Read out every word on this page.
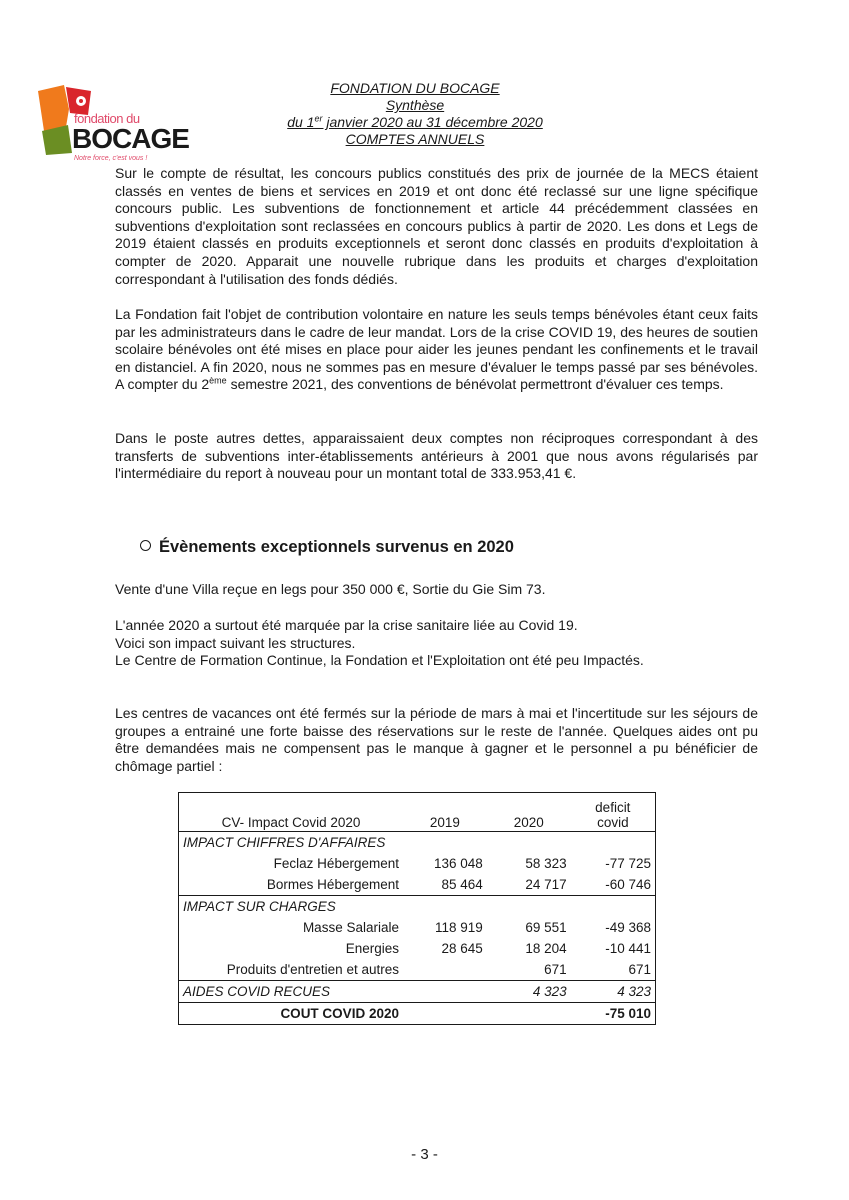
fondation du
BOCAGE
Notre force, c'est vous !
FONDATION DU BOCAGE
Synthèse
du 1er janvier 2020 au 31 décembre 2020
COMPTES ANNUELS

Sur le compte de résultat, les concours publics constitués des prix de journée de la MECS étaient classés en ventes de biens et services en 2019 et ont donc été reclassé sur une ligne spécifique concours public. Les subventions de fonctionnement et article 44 précédemment classées en subventions d'exploitation sont reclassées en concours publics à partir de 2020. Les dons et Legs de 2019 étaient classés en produits exceptionnels et seront donc classés en produits d'exploitation à compter de 2020. Apparait une nouvelle rubrique dans les produits et charges d'exploitation correspondant à l'utilisation des fonds dédiés.

La Fondation fait l'objet de contribution volontaire en nature les seuls temps bénévoles étant ceux faits par les administrateurs dans le cadre de leur mandat. Lors de la crise COVID 19, des heures de soutien scolaire bénévoles ont été mises en place pour aider les jeunes pendant les confinements et le travail en distanciel. A fin 2020, nous ne sommes pas en mesure d'évaluer le temps passé par ses bénévoles. A compter du 2ème semestre 2021, des conventions de bénévolat permettront d'évaluer ces temps.

Dans le poste autres dettes, apparaissaient deux comptes non réciproques correspondant à des transferts de subventions inter-établissements antérieurs à 2001 que nous avons régularisés par l'intermédiaire du report à nouveau pour un montant total de 333.953,41 €.

Évènements exceptionnels survenus en 2020

Vente d'une Villa reçue en legs pour 350 000 €, Sortie du Gie Sim 73.

L'année 2020 a surtout été marquée par la crise sanitaire liée au Covid 19.
Voici son impact suivant les structures.
Le Centre de Formation Continue, la Fondation et l'Exploitation ont été peu Impactés.

Les centres de vacances ont été fermés sur la période de mars à mai et l'incertitude sur les séjours de groupes a entrainé une forte baisse des réservations sur le reste de l'année. Quelques aides ont pu être demandées mais ne compensent pas le manque à gagner et le personnel a pu bénéficier de chômage partiel :

CV- Impact Covid 2020	2019	2020	deficit
covid

IMPACT CHIFFRES D'AFFAIRES			
Feclaz Hébergement	136 048	58 323	-77 725
Bormes Hébergement	85 464	24 717	-60 746
IMPACT SUR CHARGES			
Masse Salariale	118 919	69 551	-49 368
Energies	28 645	18 204	-10 441
Produits d'entretien et autres		671	671
AIDES COVID RECUES		4 323	4 323
COUT COVID 2020			-75 010
- 3 -
